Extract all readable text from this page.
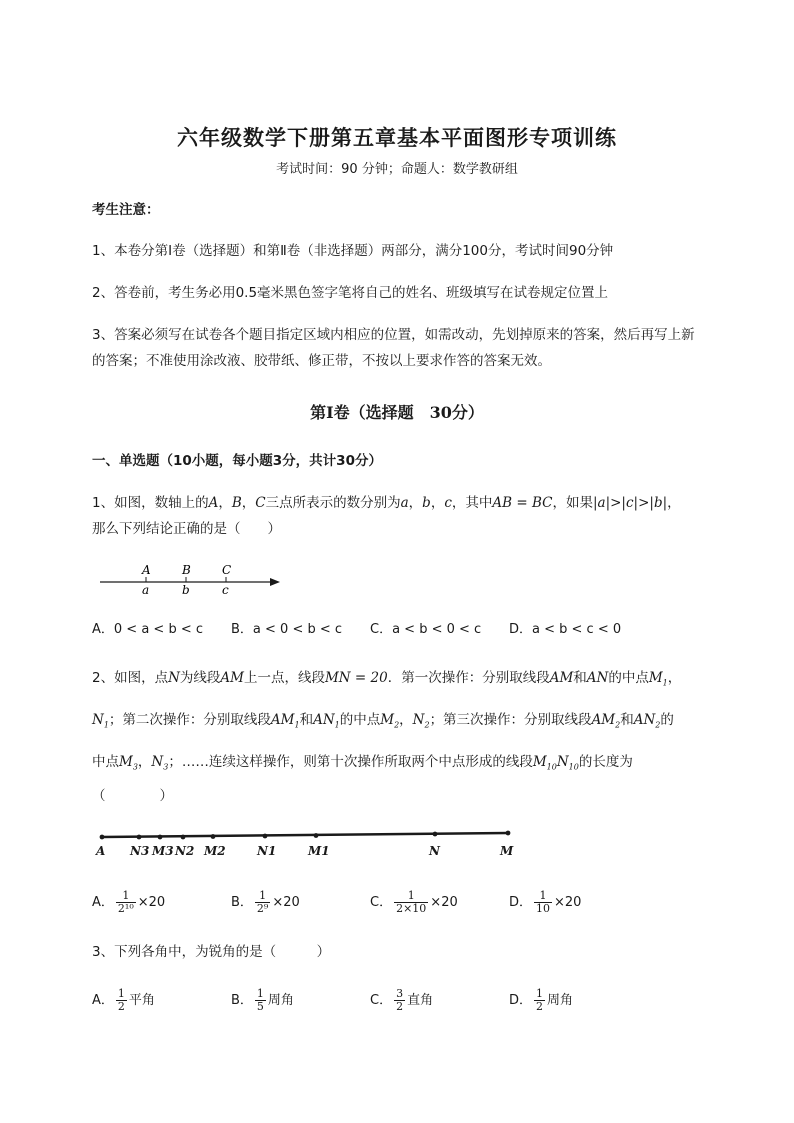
六年级数学下册第五章基本平面图形专项训练
考试时间：90 分钟；命题人：数学教研组
考生注意：
1、本卷分第Ⅰ卷（选择题）和第Ⅱ卷（非选择题）两部分，满分100分，考试时间90分钟
2、答卷前，考生务必用0.5毫米黑色签字笔将自己的姓名、班级填写在试卷规定位置上
3、答案必须写在试卷各个题目指定区域内相应的位置，如需改动，先划掉原来的答案，然后再写上新
的答案；不准使用涂改液、胶带纸、修正带，不按以上要求作答的答案无效。
第Ⅰ卷（选择题　30分）
一、单选题（10小题，每小题3分，共计30分）
1、如图，数轴上的A，B，C三点所表示的数分别为a，b，c，其中AB = BC，如果|a|>|c|>|b|，
那么下列结论正确的是（　　）
A	B	C
a	b	c
A．0 < a < b < c B．a < 0 < b < c C．a < b < 0 < c D．a < b < c < 0
2、如图，点N为线段AM上一点，线段MN = 20．第一次操作：分别取线段AM和AN的中点$M_1$，
$N_1$；第二次操作：分别取线段$AM_1$和$AN_1$的中点$M_2$，$N_2$；第三次操作：分别取线段$AM_2$和$AN_2$的
中点$M_3$，$N_3$；……连续这样操作，则第十次操作所取两个中点形成的线段$M_{10}N_{10}$的长度为
（　　　　）
A N3 M3 N2 M2	N1	M1	N	M
A． $\frac{1}{\text{2¹⁰}} \times 20$	B． $\frac{1}{\text{2⁹}} \times 20$	C． $\frac{1}{2\times 10} \times 20$	D． $\frac{1}{10} \times 20$
3、下列各角中，为锐角的是（　　　）
A． $\frac{1}{2}$ 平角	B． $\frac{1}{5}$ 周角	C． $\frac{3}{2}$ 直角	D． $\frac{1}{2}$ 周角
